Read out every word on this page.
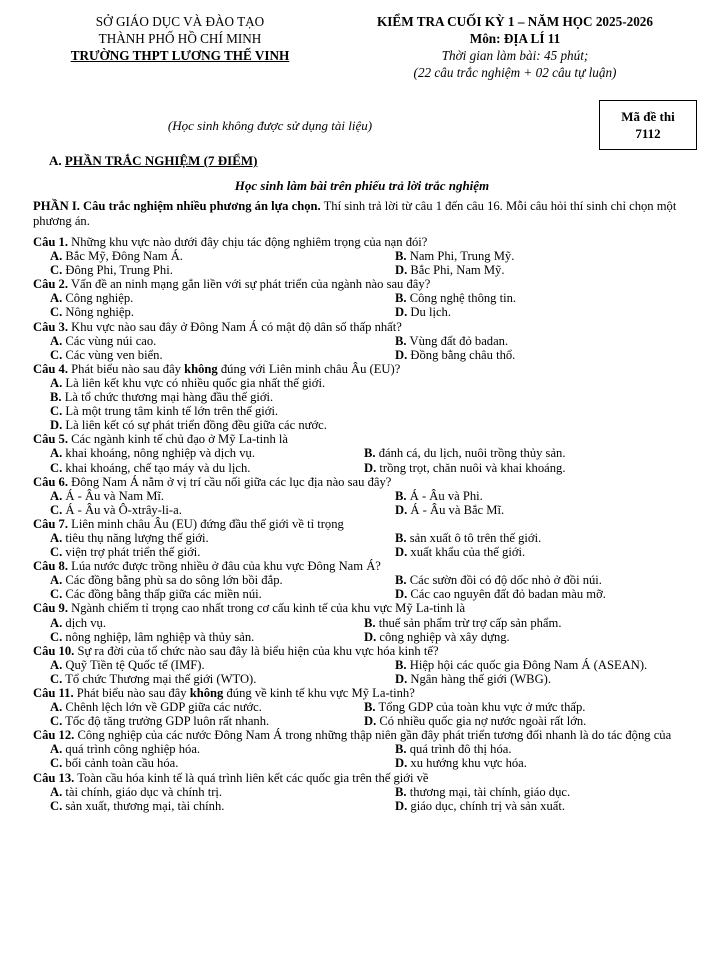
SỞ GIÁO DỤC VÀ ĐÀO TẠO
THÀNH PHỐ HỒ CHÍ MINH
TRƯỜNG THPT LƯƠNG THẾ VINH
KIỂM TRA CUỐI KỲ 1 – NĂM HỌC 2025-2026
Môn: ĐỊA LÍ 11
Thời gian làm bài: 45 phút;
(22 câu trắc nghiệm + 02 câu tự luận)
(Học sinh không được sử dụng tài liệu)
Mã đề thi
7112
A. PHẦN TRẮC NGHIỆM (7 ĐIỂM)
Học sinh làm bài trên phiếu trả lời trắc nghiệm
PHẦN I. Câu trắc nghiệm nhiều phương án lựa chọn. Thí sinh trả lời từ câu 1 đến câu 16. Mỗi câu hỏi thí sinh chỉ chọn một phương án.
Câu 1. Những khu vực nào dưới đây chịu tác động nghiêm trọng của nạn đói?
A. Bắc Mỹ, Đông Nam Á.	B. Nam Phi, Trung Mỹ.
C. Đông Phi, Trung Phi.	D. Bắc Phi, Nam Mỹ.
Câu 2. Vấn đề an ninh mạng gắn liền với sự phát triển của ngành nào sau đây?
A. Công nghiệp.	B. Công nghệ thông tin.
C. Nông nghiệp.	D. Du lịch.
Câu 3. Khu vực nào sau đây ở Đông Nam Á có mật độ dân số thấp nhất?
A. Các vùng núi cao.	B. Vùng đất đỏ badan.
C. Các vùng ven biển.	D. Đồng bằng châu thổ.
Câu 4. Phát biểu nào sau đây không đúng với Liên minh châu Âu (EU)?
A. Là liên kết khu vực có nhiều quốc gia nhất thế giới.
B. Là tổ chức thương mại hàng đầu thế giới.
C. Là một trung tâm kinh tế lớn trên thế giới.
D. Là liên kết có sự phát triển đồng đều giữa các nước.
Câu 5. Các ngành kinh tế chủ đạo ở Mỹ La-tinh là
A. khai khoáng, nông nghiệp và dịch vụ.	B. đánh cá, du lịch, nuôi trồng thủy sản.
C. khai khoáng, chế tạo máy và du lịch.	D. trồng trọt, chăn nuôi và khai khoáng.
Câu 6. Đông Nam Á nằm ở vị trí cầu nối giữa các lục địa nào sau đây?
A. Á - Âu và Nam Mĩ.	B. Á - Âu và Phi.
C. Á - Âu và Ô-xtrây-li-a.	D. Á - Âu và Bắc Mĩ.
Câu 7. Liên minh châu Âu (EU) đứng đầu thế giới về tỉ trọng
A. tiêu thụ năng lượng thế giới.	B. sản xuất ô tô trên thế giới.
C. viện trợ phát triển thế giới.	D. xuất khẩu của thế giới.
Câu 8. Lúa nước được trồng nhiều ở đâu của khu vực Đông Nam Á?
A. Các đồng bằng phù sa do sông lớn bồi đắp.	B. Các sườn đồi có độ dốc nhỏ ở đồi núi.
C. Các đồng bằng thấp giữa các miền núi.	D. Các cao nguyên đất đỏ badan màu mỡ.
Câu 9. Ngành chiếm tỉ trọng cao nhất trong cơ cấu kinh tế của khu vực Mỹ La-tinh là
A. dịch vụ.	B. thuế sản phẩm trừ trợ cấp sản phẩm.
C. nông nghiệp, lâm nghiệp và thủy sản.	D. công nghiệp và xây dựng.
Câu 10. Sự ra đời của tổ chức nào sau đây là biểu hiện của khu vực hóa kinh tế?
A. Quỹ Tiền tệ Quốc tế (IMF).	B. Hiệp hội các quốc gia Đông Nam Á (ASEAN).
C. Tổ chức Thương mại thế giới (WTO).	D. Ngân hàng thế giới (WBG).
Câu 11. Phát biểu nào sau đây không đúng về kinh tế khu vực Mỹ La-tinh?
A. Chênh lệch lớn về GDP giữa các nước.	B. Tổng GDP của toàn khu vực ở mức thấp.
C. Tốc độ tăng trưởng GDP luôn rất nhanh.	D. Có nhiều quốc gia nợ nước ngoài rất lớn.
Câu 12. Công nghiệp của các nước Đông Nam Á trong những thập niên gần đây phát triển tương đối nhanh là do tác động của
A. quá trình công nghiệp hóa.	B. quá trình đô thị hóa.
C. bối cảnh toàn cầu hóa.	D. xu hướng khu vực hóa.
Câu 13. Toàn cầu hóa kinh tế là quá trình liên kết các quốc gia trên thế giới về
A. tài chính, giáo dục và chính trị.	B. thương mại, tài chính, giáo dục.
C. sản xuất, thương mại, tài chính.	D. giáo dục, chính trị và sản xuất.
